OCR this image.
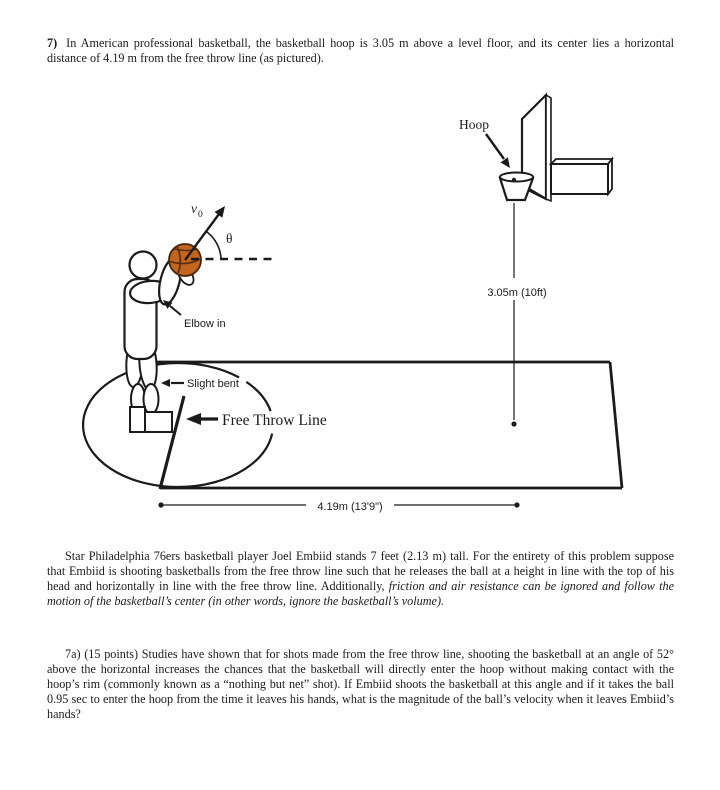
7) In American professional basketball, the basketball hoop is 3.05 m above a level floor, and its center lies a horizontal distance of 4.19 m from the free throw line (as pictured).
4.19m (13'9")
3.05m (10ft)
Hoop
v 0
θ
Elbow in
Slight bent
Free Throw Line
Star Philadelphia 76ers basketball player Joel Embiid stands 7 feet (2.13 m) tall. For the entirety of this problem suppose that Embiid is shooting basketballs from the free throw line such that he releases the ball at a height in line with the top of his head and horizontally in line with the free throw line. Additionally, friction and air resistance can be ignored and follow the motion of the basketball’s center (in other words, ignore the basketball’s volume).
7a) (15 points) Studies have shown that for shots made from the free throw line, shooting the basketball at an angle of 52° above the horizontal increases the chances that the basketball will directly enter the hoop without making contact with the hoop’s rim (commonly known as a “nothing but net” shot). If Embiid shoots the basketball at this angle and if it takes the ball 0.95 sec to enter the hoop from the time it leaves his hands, what is the magnitude of the ball’s velocity when it leaves Embiid’s hands?
